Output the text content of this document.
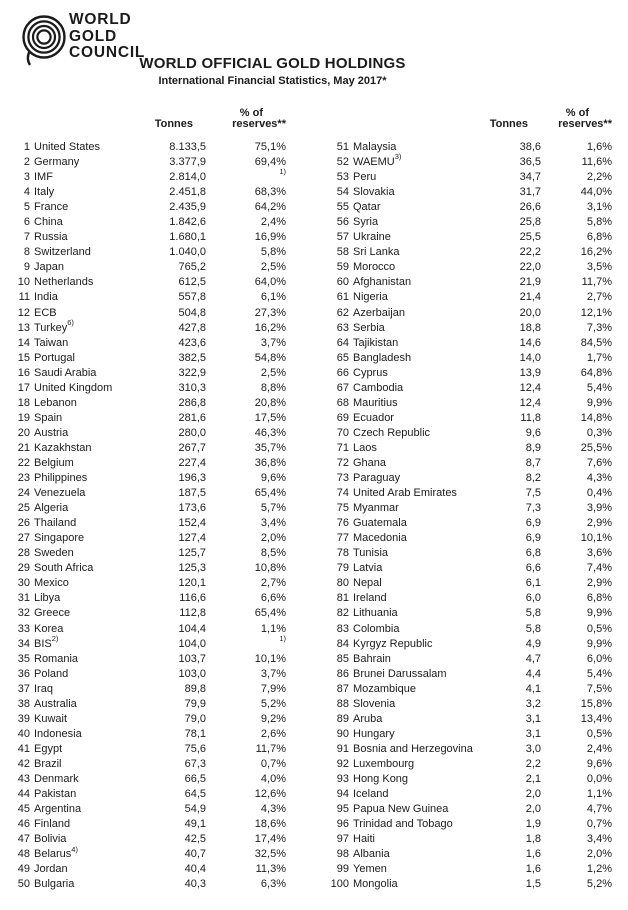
WORLD
GOLD
COUNCIL
WORLD OFFICIAL GOLD HOLDINGS
International Financial Statistics, May 2017*
% of
Tonnes	reserves**
1 United States	8.133,5	75,1%
2 Germany	3.377,9	69,4%
3 IMF	2.814,0	$^{1)}$
4 Italy	2.451,8	68,3%
5 France	2.435,9	64,2%
6 China	1.842,6	2,4%
7 Russia	1.680,1	16,9%
8 Switzerland	1.040,0	5,8%
9 Japan	765,2	2,5%
10 Netherlands	612,5	64,0%
11 India	557,8	6,1%
12 ECB	504,8	27,3%
13 Turkey$^{6)}$	427,8	16,2%
14 Taiwan	423,6	3,7%
15 Portugal	382,5	54,8%
16 Saudi Arabia	322,9	2,5%
17 United Kingdom	310,3	8,8%
18 Lebanon	286,8	20,8%
19 Spain	281,6	17,5%
20 Austria	280,0	46,3%
21 Kazakhstan	267,7	35,7%
22 Belgium	227,4	36,8%
23 Philippines	196,3	9,6%
24 Venezuela	187,5	65,4%
25 Algeria	173,6	5,7%
26 Thailand	152,4	3,4%
27 Singapore	127,4	2,0%
28 Sweden	125,7	8,5%
29 South Africa	125,3	10,8%
30 Mexico	120,1	2,7%
31 Libya	116,6	6,6%
32 Greece	112,8	65,4%
33 Korea	104,4	1,1%
34 BIS$^{2)}$	104,0	$^{1)}$
35 Romania	103,7	10,1%
36 Poland	103,0	3,7%
37 Iraq	89,8	7,9%
38 Australia	79,9	5,2%
39 Kuwait	79,0	9,2%
40 Indonesia	78,1	2,6%
41 Egypt	75,6	11,7%
42 Brazil	67,3	0,7%
43 Denmark	66,5	4,0%
44 Pakistan	64,5	12,6%
45 Argentina	54,9	4,3%
46 Finland	49,1	18,6%
47 Bolivia	42,5	17,4%
48 Belarus$^{4)}$	40,7	32,5%
49 Jordan	40,4	11,3%
50 Bulgaria	40,3	6,3%
% of
Tonnes	reserves**
51 Malaysia	38,6	1,6%
52 WAEMU$^{3)}$	36,5	11,6%
53 Peru	34,7	2,2%
54 Slovakia	31,7	44,0%
55 Qatar	26,6	3,1%
56 Syria	25,8	5,8%
57 Ukraine	25,5	6,8%
58 Sri Lanka	22,2	16,2%
59 Morocco	22,0	3,5%
60 Afghanistan	21,9	11,7%
61 Nigeria	21,4	2,7%
62 Azerbaijan	20,0	12,1%
63 Serbia	18,8	7,3%
64 Tajikistan	14,6	84,5%
65 Bangladesh	14,0	1,7%
66 Cyprus	13,9	64,8%
67 Cambodia	12,4	5,4%
68 Mauritius	12,4	9,9%
69 Ecuador	11,8	14,8%
70 Czech Republic	9,6	0,3%
71 Laos	8,9	25,5%
72 Ghana	8,7	7,6%
73 Paraguay	8,2	4,3%
74 United Arab Emirates	7,5	0,4%
75 Myanmar	7,3	3,9%
76 Guatemala	6,9	2,9%
77 Macedonia	6,9	10,1%
78 Tunisia	6,8	3,6%
79 Latvia	6,6	7,4%
80 Nepal	6,1	2,9%
81 Ireland	6,0	6,8%
82 Lithuania	5,8	9,9%
83 Colombia	5,8	0,5%
84 Kyrgyz Republic	4,9	9,9%
85 Bahrain	4,7	6,0%
86 Brunei Darussalam	4,4	5,4%
87 Mozambique	4,1	7,5%
88 Slovenia	3,2	15,8%
89 Aruba	3,1	13,4%
90 Hungary	3,1	0,5%
91 Bosnia and Herzegovina	3,0	2,4%
92 Luxembourg	2,2	9,6%
93 Hong Kong	2,1	0,0%
94 Iceland	2,0	1,1%
95 Papua New Guinea	2,0	4,7%
96 Trinidad and Tobago	1,9	0,7%
97 Haiti	1,8	3,4%
98 Albania	1,6	2,0%
99 Yemen	1,6	1,2%
100 Mongolia	1,5	5,2%
